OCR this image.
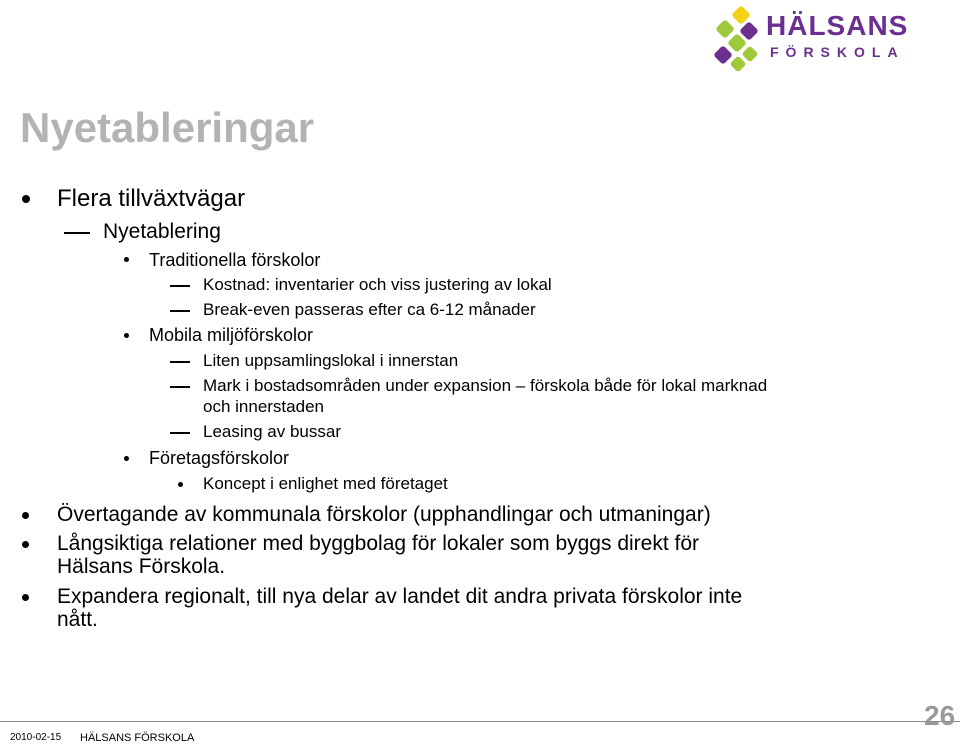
HÄLSANS
FÖRSKOLA
Nyetableringar
Flera tillväxtvägar
Nyetablering
Traditionella förskolor
Kostnad: inventarier och viss justering av lokal
Break-even passeras efter ca 6-12 månader
Mobila miljöförskolor
Liten uppsamlingslokal i innerstan
Mark i bostadsområden under expansion – förskola både för lokal marknad
och innerstaden
Leasing av bussar
Företagsförskolor
Koncept i enlighet med företaget
Övertagande av kommunala förskolor (upphandlingar och utmaningar)
Långsiktiga relationer med byggbolag för lokaler som byggs direkt för
Hälsans Förskola.
Expandera regionalt, till nya delar av landet dit andra privata förskolor inte
nått.
2010-02-15 HÄLSANS FÖRSKOLA
26
